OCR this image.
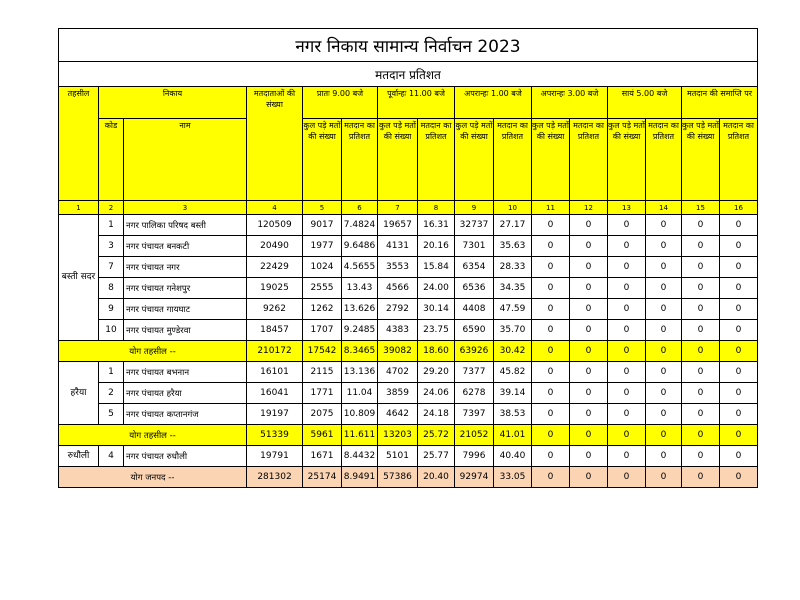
नगर निकाय सामान्य निर्वाचन 2023															
मतदान प्रतिशत															
तहसील	निकाय		मतदाताओं की संख्या	प्रातः 9.00 बजे		पूर्वान्हः 11.00 बजे		अपरान्हः 1.00 बजे		अपरान्हः 3.00 बजे		सायं 5.00 बजे		मतदान की समाप्ति पर	
	कोड	नाम		कुल पड़े मतों की संख्या	मतदान का प्रतिशत	कुल पड़े मतों की संख्या	मतदान का प्रतिशत	कुल पड़े मतों की संख्या	मतदान का प्रतिशत	कुल पड़े मतों की संख्या	मतदान का प्रतिशत	कुल पड़े मतों की संख्या	मतदान का प्रतिशत	कुल पड़े मतों की संख्या	मतदान का प्रतिशत
1	2	3	4	5	6	7	8	9	10	11	12	13	14	15	16
बस्ती सदर	1	नगर पालिका परिषद बस्ती	120509	9017	7.4824	19657	16.31	32737	27.17	0	0	0	0	0	0
	3	नगर पंचायत बनकटी	20490	1977	9.6486	4131	20.16	7301	35.63	0	0	0	0	0	0
	7	नगर पंचायत नगर	22429	1024	4.5655	3553	15.84	6354	28.33	0	0	0	0	0	0
	8	नगर पंचायत गनेशपुर	19025	2555	13.43	4566	24.00	6536	34.35	0	0	0	0	0	0
	9	नगर पंचायत गायघाट	9262	1262	13.626	2792	30.14	4408	47.59	0	0	0	0	0	0
	10	नगर पंचायत मुण्डेरवा	18457	1707	9.2485	4383	23.75	6590	35.70	0	0	0	0	0	0
योग तहसील --			210172	17542	8.3465	39082	18.60	63926	30.42	0	0	0	0	0	0
हरैया	1	नगर पंचायत बभनान	16101	2115	13.136	4702	29.20	7377	45.82	0	0	0	0	0	0
	2	नगर पंचायत हरैया	16041	1771	11.04	3859	24.06	6278	39.14	0	0	0	0	0	0
	5	नगर पंचायत कप्तानगंज	19197	2075	10.809	4642	24.18	7397	38.53	0	0	0	0	0	0
योग तहसील --			51339	5961	11.611	13203	25.72	21052	41.01	0	0	0	0	0	0
रुधौली	4	नगर पंचायत रुधौली	19791	1671	8.4432	5101	25.77	7996	40.40	0	0	0	0	0	0
योग जनपद --			281302	25174	8.9491	57386	20.40	92974	33.05	0	0	0	0	0	0
